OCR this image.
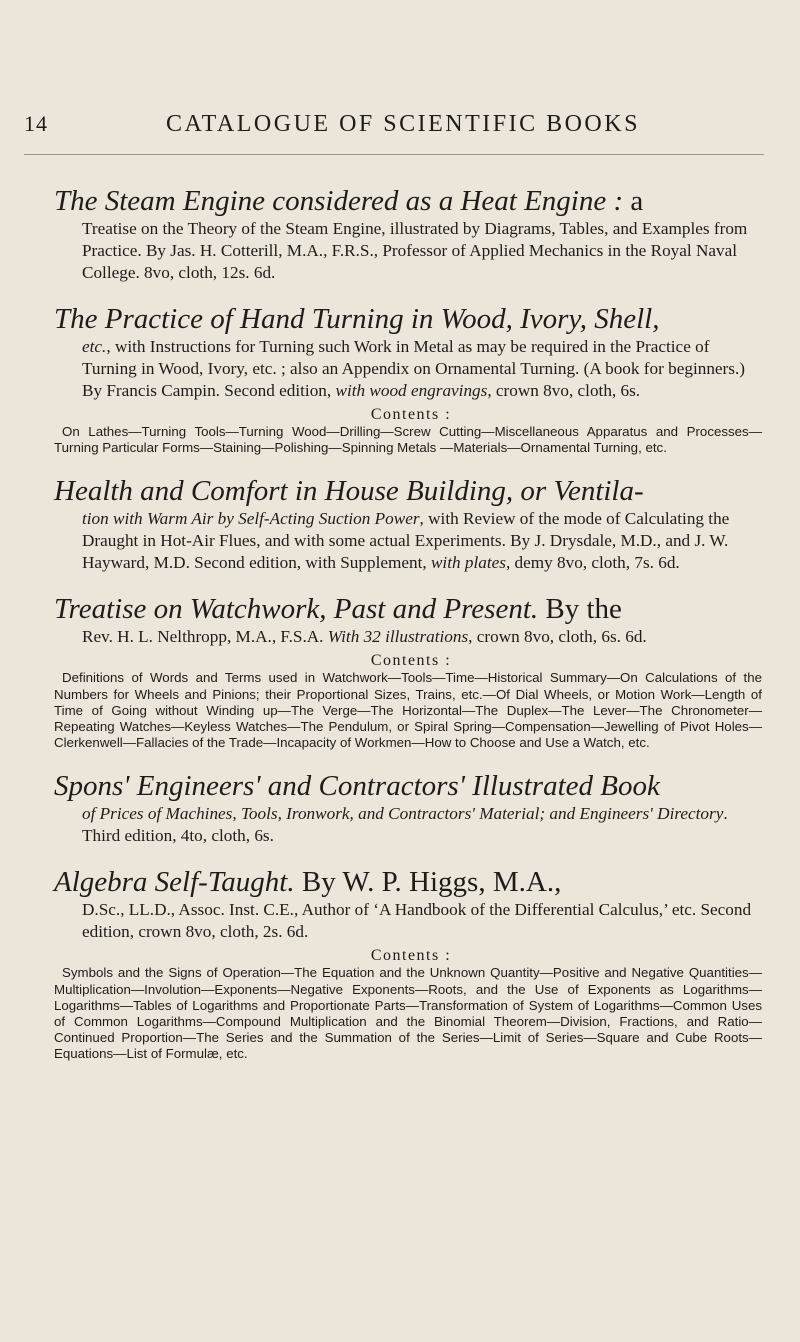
14	CATALOGUE OF SCIENTIFIC BOOKS

The Steam Engine considered as a Heat Engine : a

Treatise on the Theory of the Steam Engine, illustrated by Diagrams, Tables, and Examples from Practice. By Jas. H. Cotterill, M.A., F.R.S., Professor of Applied Mechanics in the Royal Naval College. 8vo, cloth, 12s. 6d.

The Practice of Hand Turning in Wood, Ivory, Shell,

etc., with Instructions for Turning such Work in Metal as may be required in the Practice of Turning in Wood, Ivory, etc. ; also an Appendix on Ornamental Turning. (A book for beginners.) By Francis Campin. Second edition, with wood engravings, crown 8vo, cloth, 6s.

Contents :

On Lathes—Turning Tools—Turning Wood—Drilling—Screw Cutting—Miscellaneous Apparatus and Processes—Turning Particular Forms—Staining—Polishing—Spinning Metals —Materials—Ornamental Turning, etc.

Health and Comfort in House Building, or Ventila-

tion with Warm Air by Self-Acting Suction Power, with Review of the mode of Calculating the Draught in Hot-Air Flues, and with some actual Experiments. By J. Drysdale, M.D., and J. W. Hayward, M.D. Second edition, with Supplement, with plates, demy 8vo, cloth, 7s. 6d.

Treatise on Watchwork, Past and Present. By the

Rev. H. L. Nelthropp, M.A., F.S.A. With 32 illustrations, crown 8vo, cloth, 6s. 6d.

Contents :

Definitions of Words and Terms used in Watchwork—Tools—Time—Historical Summary—On Calculations of the Numbers for Wheels and Pinions; their Proportional Sizes, Trains, etc.—Of Dial Wheels, or Motion Work—Length of Time of Going without Winding up—The Verge—The Horizontal—The Duplex—The Lever—The Chronometer—Repeating Watches—Keyless Watches—The Pendulum, or Spiral Spring—Compensation—Jewelling of Pivot Holes—Clerkenwell—Fallacies of the Trade—Incapacity of Workmen—How to Choose and Use a Watch, etc.

Spons' Engineers' and Contractors' Illustrated Book

of Prices of Machines, Tools, Ironwork, and Contractors' Material; and Engineers' Directory. Third edition, 4to, cloth, 6s.

Algebra Self-Taught. By W. P. Higgs, M.A.,

D.Sc., LL.D., Assoc. Inst. C.E., Author of ‘A Handbook of the Differential Calculus,’ etc. Second edition, crown 8vo, cloth, 2s. 6d.

Contents :

Symbols and the Signs of Operation—The Equation and the Unknown Quantity—Positive and Negative Quantities—Multiplication—Involution—Exponents—Negative Exponents—Roots, and the Use of Exponents as Logarithms—Logarithms—Tables of Logarithms and Proportionate Parts—Transformation of System of Logarithms—Common Uses of Common Logarithms—Compound Multiplication and the Binomial Theorem—Division, Fractions, and Ratio—Continued Proportion—The Series and the Summation of the Series—Limit of Series—Square and Cube Roots—Equations—List of Formulæ, etc.
